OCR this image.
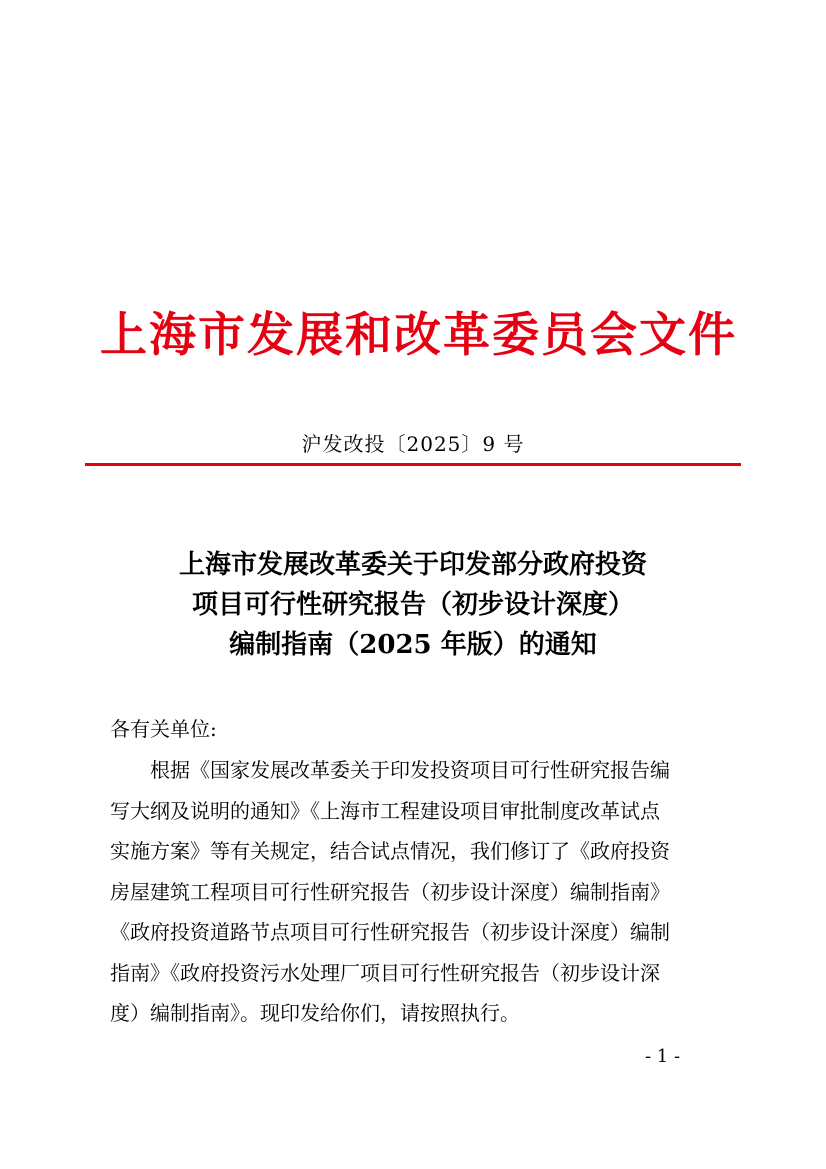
上海市发展和改革委员会文件
沪发改投〔2025〕9 号
上海市发展改革委关于印发部分政府投资
项目可行性研究报告（初步设计深度）
编制指南（2025 年版）的通知
各有关单位:
根据《国家发展改革委关于印发投资项目可行性研究报告编
写大纲及说明的通知》《上海市工程建设项目审批制度改革试点
实施方案》等有关规定，结合试点情况，我们修订了《政府投资
房屋建筑工程项目可行性研究报告（初步设计深度）编制指南》
《政府投资道路节点项目可行性研究报告（初步设计深度）编制
指南》《政府投资污水处理厂项目可行性研究报告（初步设计深
度）编制指南》。现印发给你们，请按照执行。
- 1 -
